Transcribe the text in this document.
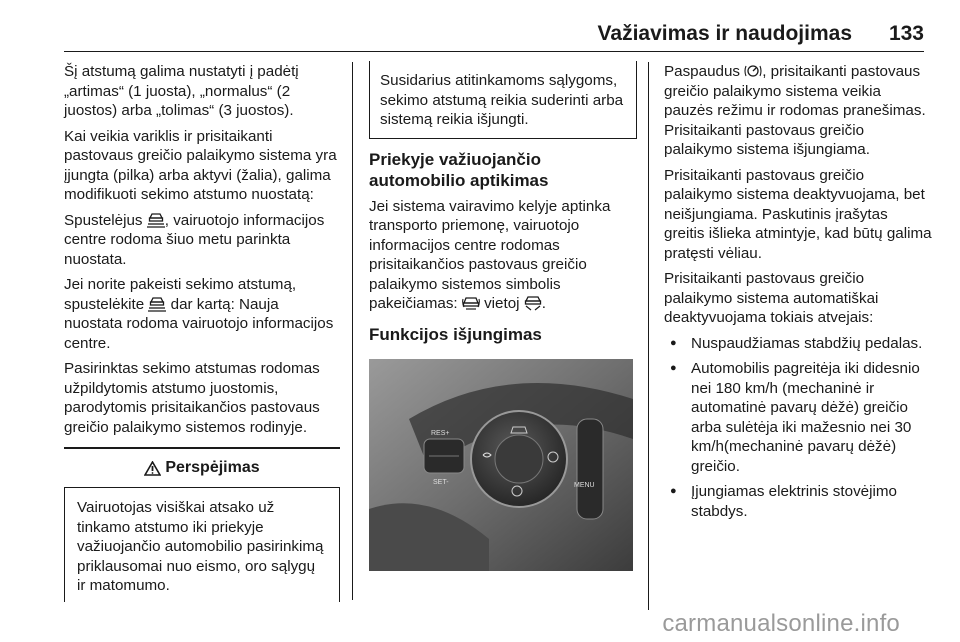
Važiavimas ir naudojimas 133

Šį atstumą galima nustatyti į padėtį „artimas“ (1 juosta), „normalus“ (2 juostos) arba „tolimas“ (3 juostos).

Kai veikia variklis ir prisitaikanti pastovaus greičio palaikymo sistema yra įjungta (pilka) arba aktyvi (žalia), galima modifikuoti sekimo atstumo nuostatą:

Spustelėjus , vairuotojo informacijos centre rodoma šiuo metu parinkta nuostata.

Jei norite pakeisti sekimo atstumą, spustelėkite  dar kartą: Nauja nuostata rodoma vairuotojo informacijos centre.

Pasirinktas sekimo atstumas rodomas užpildytomis atstumo juostomis, parodytomis prisitaikančios pastovaus greičio palaikymo sistemos rodinyje.

Perspėjimas
Vairuotojas visiškai atsako už tinkamo atstumo iki priekyje važiuojančio automobilio pasirinkimą priklausomai nuo eismo, oro sąlygų ir matomumo.
Susidarius atitinkamoms sąlygoms, sekimo atstumą reikia suderinti arba sistemą reikia išjungti.
Priekyje važiuojančio automobilio aptikimas

Jei sistema vairavimo kelyje aptinka transporto priemonę, vairuotojo informacijos centre rodomas prisitaikančios pastovaus greičio palaikymo sistemos simbolis pakeičiamas:  vietoj .

Funkcijos išjungimas
RES+
SET-	MENU

Paspaudus , prisitaikanti pastovaus greičio palaikymo sistema veikia pauzės režimu ir rodomas pranešimas. Prisitaikanti pastovaus greičio palaikymo sistema išjungiama.

Prisitaikanti pastovaus greičio palaikymo sistema deaktyvuojama, bet neišjungiama. Paskutinis įrašytas greitis išlieka atmintyje, kad būtų galima pratęsti vėliau.

Prisitaikanti pastovaus greičio palaikymo sistema automatiškai deaktyvuojama tokiais atvejais:

● Nuspaudžiamas stabdžių pedalas.
● Automobilis pagreitėja iki didesnio nei 180 km/h (mechaninė ir automatinė pavarų dėžė) greičio arba sulėtėja iki mažesnio nei 30 km/h(mechaninė pavarų dėžė) greičio.
● Įjungiamas elektrinis stovėjimo stabdys.
carmanualsonline.info
